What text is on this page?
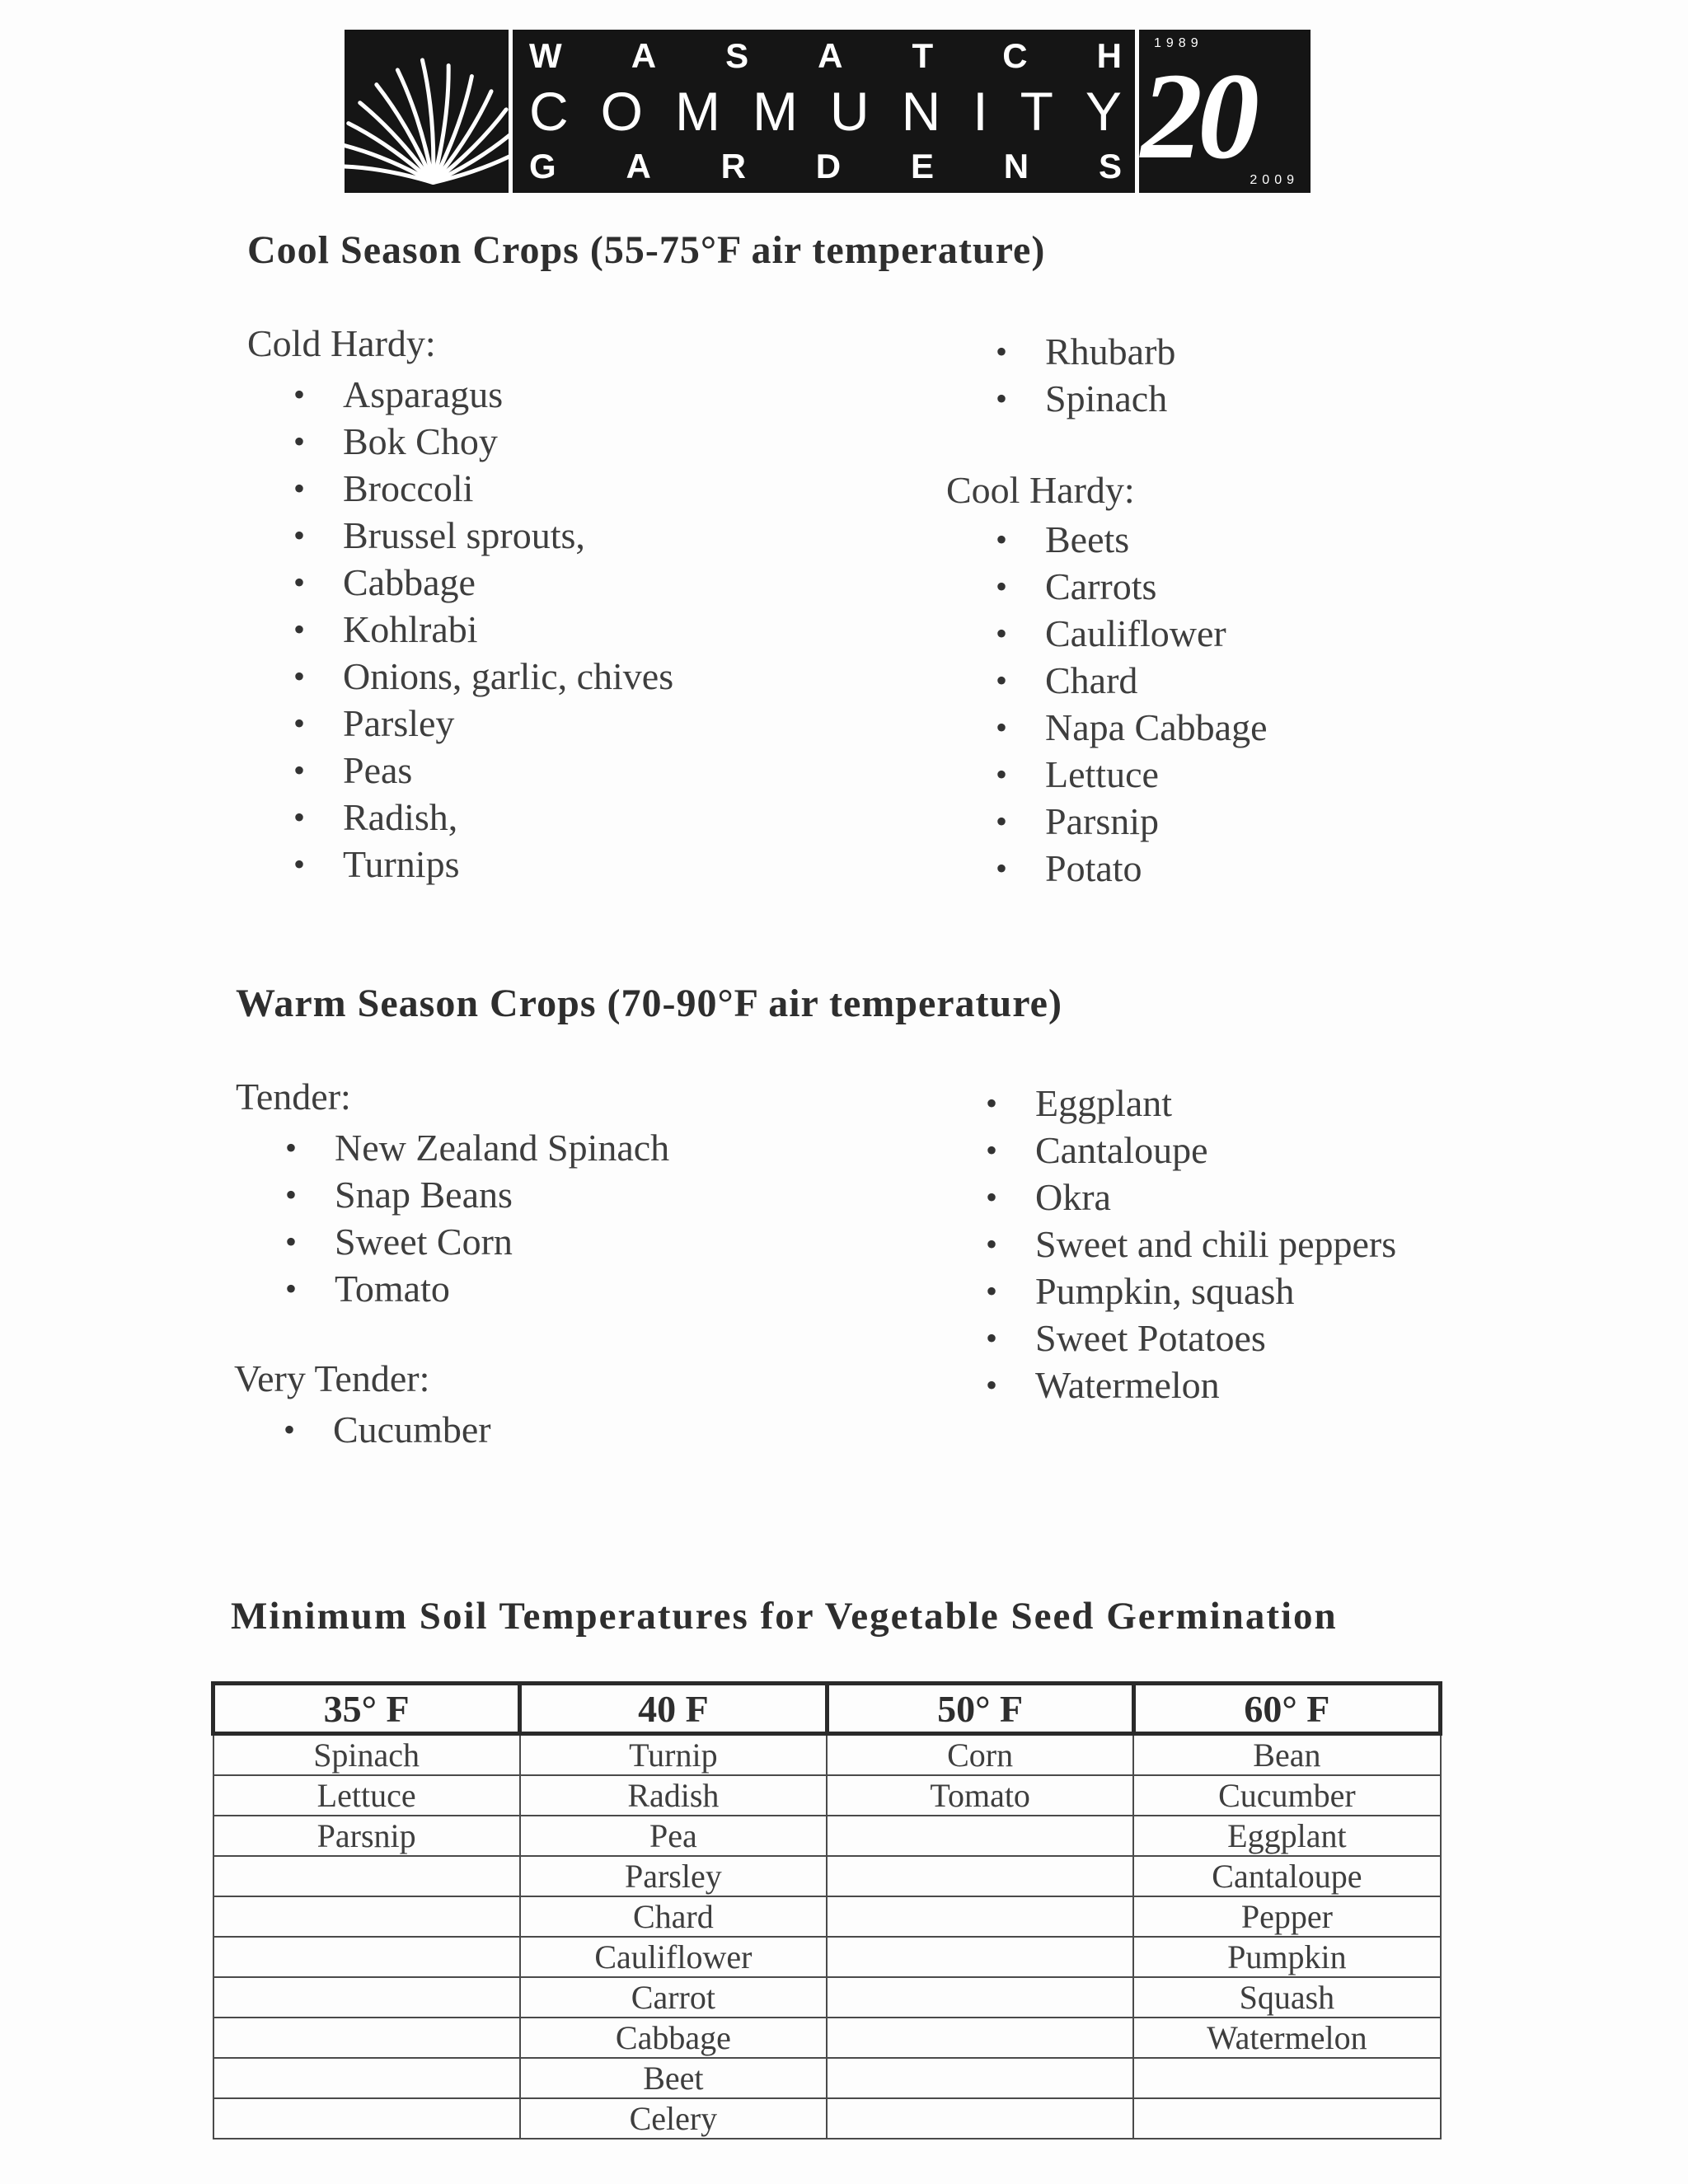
W A S A T C H
C O M M U N I T Y
G A R D E N S
1989
20
2009
Cool Season Crops (55-75°F air temperature)
Cold Hardy:
• Asparagus
• Bok Choy
• Broccoli
• Brussel sprouts,
• Cabbage
• Kohlrabi
• Onions, garlic, chives
• Parsley
• Peas
• Radish,
• Turnips
• Rhubarb
• Spinach
Cool Hardy:
• Beets
• Carrots
• Cauliflower
• Chard
• Napa Cabbage
• Lettuce
• Parsnip
• Potato
Warm Season Crops (70-90°F air temperature)
Tender:
• New Zealand Spinach
• Snap Beans
• Sweet Corn
• Tomato
• Eggplant
• Cantaloupe
• Okra
• Sweet and chili peppers
• Pumpkin, squash
• Sweet Potatoes
• Watermelon
Very Tender:
• Cucumber
Minimum Soil Temperatures for Vegetable Seed Germination
35° F	40 F	50° F	60° F
Spinach	Turnip	Corn	Bean
Lettuce	Radish	Tomato	Cucumber
Parsnip	Pea		Eggplant
	Parsley		Cantaloupe
	Chard		Pepper
	Cauliflower		Pumpkin
	Carrot		Squash
	Cabbage		Watermelon
	Beet		
	Celery		
